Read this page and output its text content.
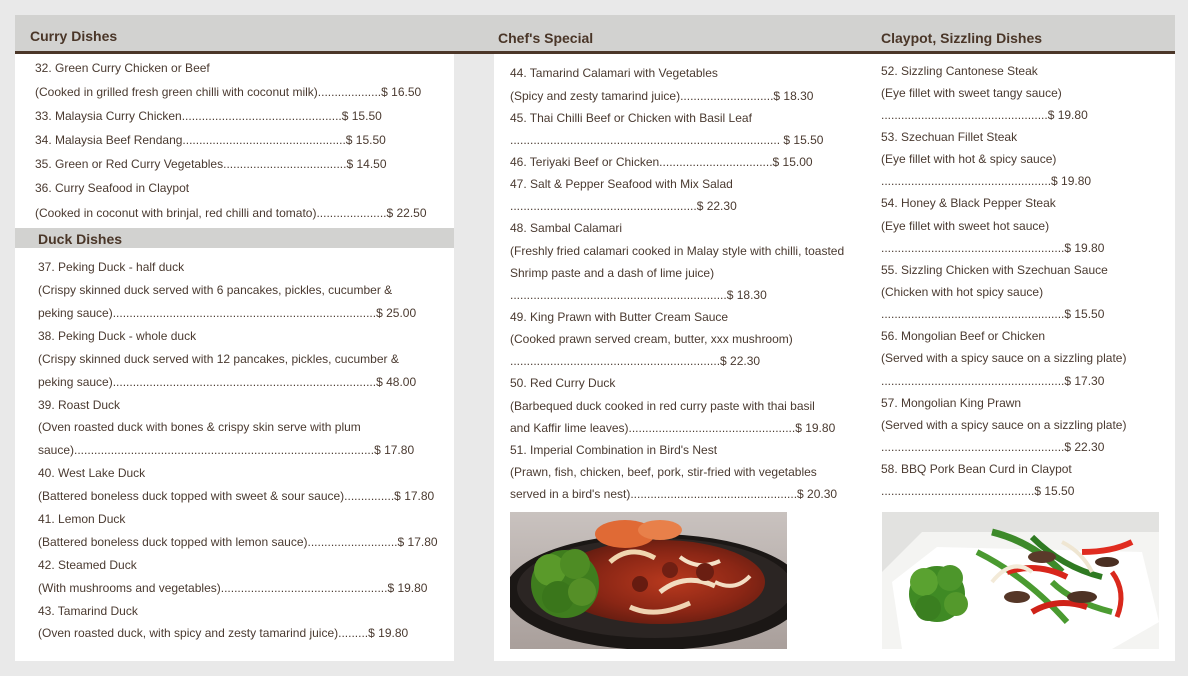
Curry Dishes	Chef's Special	Claypot, Sizzling Dishes
32. Green Curry Chicken or Beef
(Cooked in grilled fresh green chilli with coconut milk)...................$ 16.50
33. Malaysia Curry Chicken................................................$ 15.50
34. Malaysia Beef Rendang.................................................$ 15.50
35. Green or Red Curry Vegetables.....................................$ 14.50
36. Curry Seafood in Claypot
(Cooked in coconut with brinjal, red chilli and tomato).....................$ 22.50
Duck Dishes
37. Peking Duck - half duck
(Crispy skinned duck served with 6 pancakes, pickles, cucumber &
peking sauce)...............................................................................$ 25.00
38. Peking Duck - whole duck
(Crispy skinned duck served with 12 pancakes, pickles, cucumber &
peking sauce)...............................................................................$ 48.00
39. Roast Duck
(Oven roasted duck with bones & crispy skin serve with plum
sauce)..........................................................................................$ 17.80
40. West Lake Duck
(Battered boneless duck topped with sweet & sour sauce)...............$ 17.80
41. Lemon Duck
(Battered boneless duck topped with lemon sauce)...........................$ 17.80
42. Steamed Duck
(With mushrooms and vegetables)..................................................$ 19.80
43. Tamarind Duck
(Oven roasted duck, with spicy and zesty tamarind juice).........$ 19.80
44. Tamarind Calamari with Vegetables
(Spicy and zesty tamarind juice)............................$ 18.30
45. Thai Chilli Beef or Chicken with Basil Leaf
................................................................................. $ 15.50
46. Teriyaki Beef or Chicken..................................$ 15.00
47. Salt & Pepper Seafood with Mix Salad
........................................................$ 22.30
48. Sambal Calamari
(Freshly fried calamari cooked in Malay style with chilli, toasted
Shrimp paste and a dash of lime juice)
.................................................................$ 18.30
49. King Prawn with Butter Cream Sauce
(Cooked prawn served cream, butter, xxx mushroom)
...............................................................$ 22.30
50. Red Curry Duck
(Barbequed duck cooked in red curry paste with thai basil
and Kaffir lime leaves)..................................................$ 19.80
51. Imperial Combination in Bird's Nest
(Prawn, fish, chicken, beef, pork, stir-fried with vegetables
served in a bird's nest)..................................................$ 20.30
52. Sizzling Cantonese Steak
(Eye fillet with sweet tangy sauce)
..................................................$ 19.80
53. Szechuan Fillet Steak
(Eye fillet with hot & spicy sauce)
...................................................$ 19.80
54. Honey & Black Pepper Steak
(Eye fillet with sweet hot sauce)
.......................................................$ 19.80
55. Sizzling Chicken with Szechuan Sauce
(Chicken with hot spicy sauce)
.......................................................$ 15.50
56. Mongolian Beef or Chicken
(Served with a spicy sauce on a sizzling plate)
.......................................................$ 17.30
57. Mongolian King Prawn
(Served with a spicy sauce on a sizzling plate)
.......................................................$ 22.30
58. BBQ Pork Bean Curd in Claypot
..............................................$ 15.50
